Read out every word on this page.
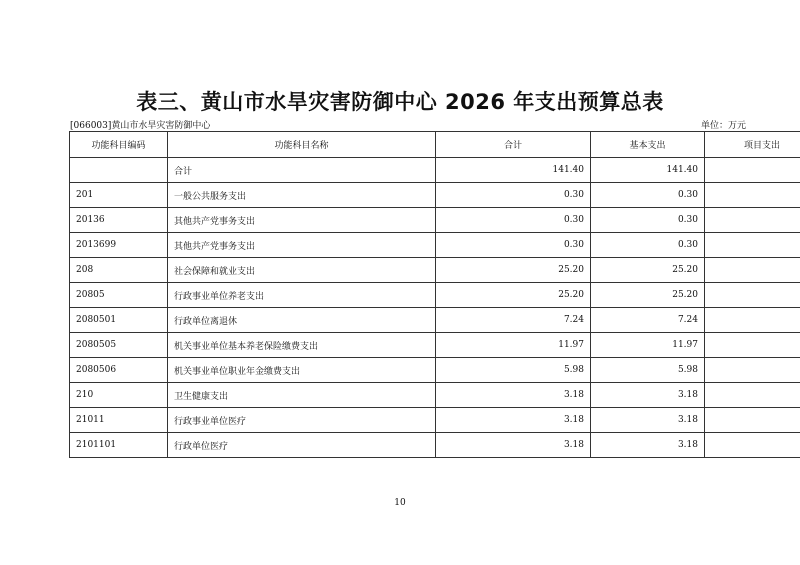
表三、黄山市水旱灾害防御中心 2026 年支出预算总表
[066003]黄山市水旱灾害防御中心	单位：万元
功能科目编码	功能科目名称	合计	基本支出	项目支出
	合计	141.40	141.40	
201	一般公共服务支出	0.30	0.30	
20136	其他共产党事务支出	0.30	0.30	
2013699	其他共产党事务支出	0.30	0.30	
208	社会保障和就业支出	25.20	25.20	
20805	行政事业单位养老支出	25.20	25.20	
2080501	行政单位离退休	7.24	7.24	
2080505	机关事业单位基本养老保险缴费支出	11.97	11.97	
2080506	机关事业单位职业年金缴费支出	5.98	5.98	
210	卫生健康支出	3.18	3.18	
21011	行政事业单位医疗	3.18	3.18	
2101101	行政单位医疗	3.18	3.18	
10
